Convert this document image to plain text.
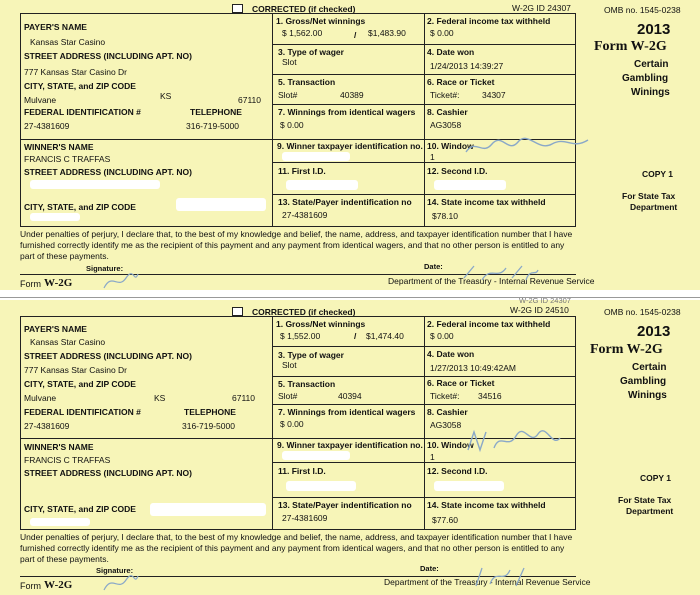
CORRECTED (if checked)	W-2G ID 24307	OMB no. 1545-0238
PAYER'S NAME
Kansas Star Casino
STREET ADDRESS (INCLUDING APT. NO)
777 Kansas Star Casino Dr
CITY, STATE, and ZIP CODE
Mulvane	KS	67110
FEDERAL IDENTIFICATION #	TELEPHONE
27-4381609	316-719-5000
1. Gross/Net winnings
$ 1,562.00	/ $1,483.90
2. Federal income tax withheld
$ 0.00
3. Type of wager
Slot
4. Date won
1/24/2013 14:39:27
5. Transaction
Slot#	40389
6. Race or Ticket
Ticket#:	34307
7. Winnings from identical wagers
$ 0.00
8. Cashier
AG3058
WINNER'S NAME
FRANCIS C TRAFFAS
STREET ADDRESS (INCLUDING APT. NO)
CITY, STATE, and ZIP CODE
9. Winner taxpayer identification no. 10. Window
1
11. First I.D.	12. Second I.D.
13. State/Payer indentification no
27-4381609
14. State income tax withheld
$78.10
2013
Form W-2G
Certain
Gambling
Winings
COPY 1
For State Tax
Department
Under penalties of perjury, I declare that, to the best of my knowledge and belief, the name, address, and taxpayer identification number that I have furnished correctly identify me as the recipient of this payment and any payment from identical wagers, and that no other person is entitled to any part of these payments.
Signature:	Date:
Form W-2G	Department of the Treasury - Internal Revenue Service
W-2G ID 24307
CORRECTED (if checked)	W-2G ID 24510	OMB no. 1545-0238
PAYER'S NAME
Kansas Star Casino
STREET ADDRESS (INCLUDING APT. NO)
777 Kansas Star Casino Dr
CITY, STATE, and ZIP CODE
Mulvane	KS	67110
FEDERAL IDENTIFICATION #	TELEPHONE
27-4381609	316-719-5000
1. Gross/Net winnings
$ 1,552.00	/ $1,474.40
2. Federal income tax withheld
$ 0.00
3. Type of wager
Slot
4. Date won
1/27/2013 10:49:42AM
5. Transaction
Slot#	40394
6. Race or Ticket
Ticket#: 34516
7. Winnings from identical wagers
$ 0.00
8. Cashier
AG3058
WINNER'S NAME
FRANCIS C TRAFFAS
STREET ADDRESS (INCLUDING APT. NO)
CITY, STATE, and ZIP CODE
9. Winner taxpayer identification no. 10. Window
1
11. First I.D.	12. Second I.D.
13. State/Payer indentification no
27-4381609
14. State income tax withheld
$77.60
2013
Form W-2G
Certain
Gambling
Winings
COPY 1
For State Tax
Department
Under penalties of perjury, I declare that, to the best of my knowledge and belief, the name, address, and taxpayer identification number that I have furnished correctly identify me as the recipient of this payment and any payment from identical wagers, and that no other person is entitled to any part of these payments.
Signature:	Date:
Form W-2G	Department of the Treasury - Internal Revenue Service
